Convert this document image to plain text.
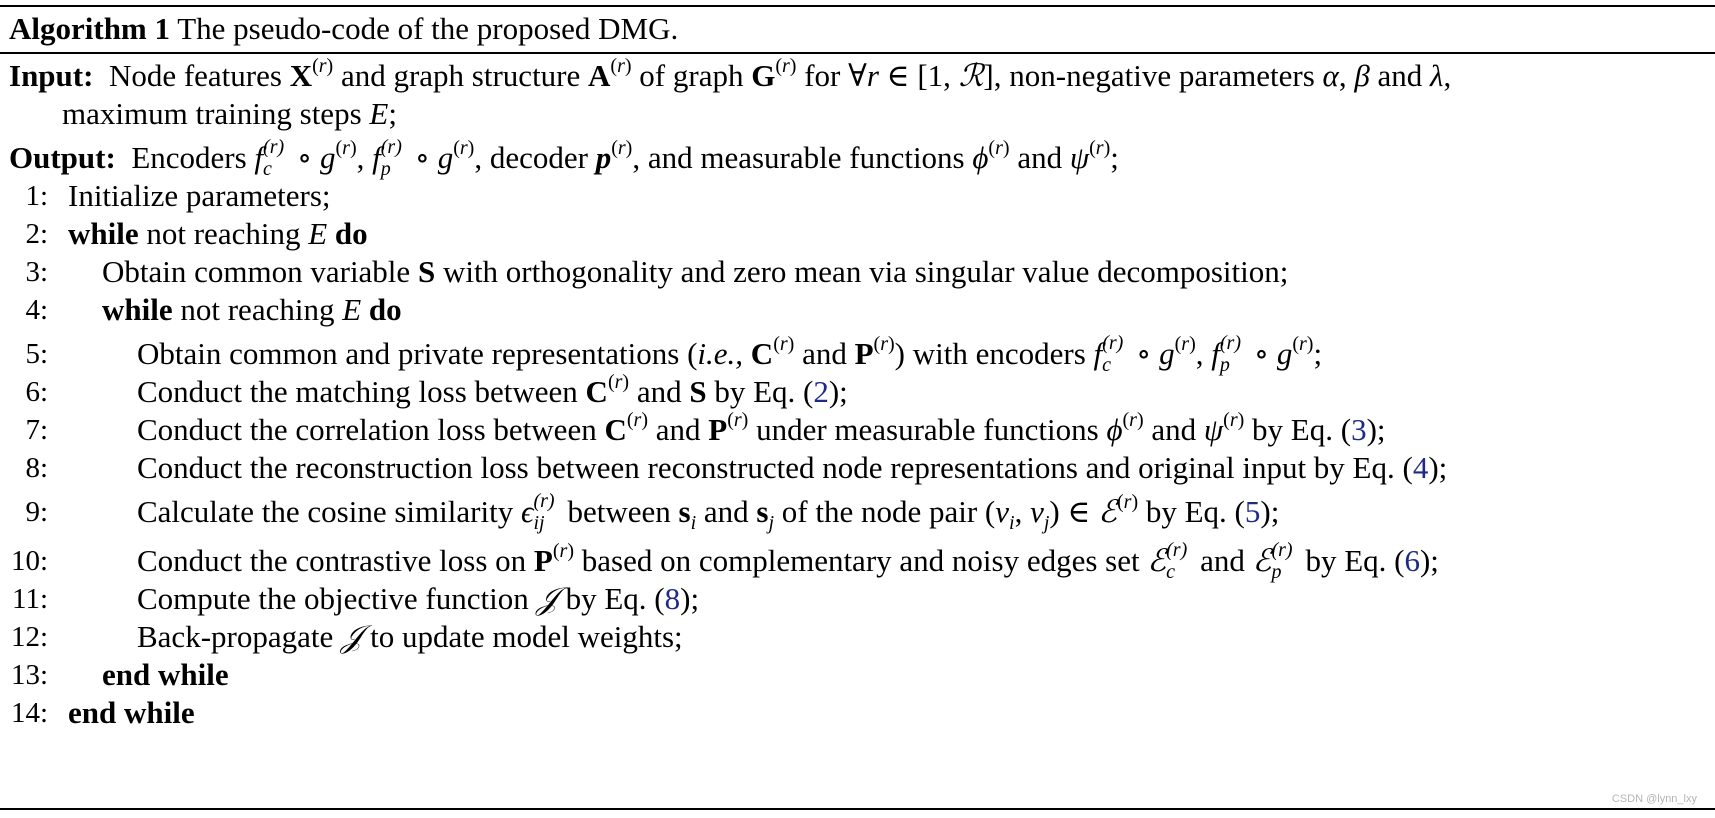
Algorithm 1 The pseudo-code of the proposed DMG.
Input:  Node features $X^{(r)}$ and graph structure $A^{(r)}$ of graph $G^{(r)}$ for ∀r ∈ [1, ℛ], non-negative parameters α, β and λ,
maximum training steps E;
Output:  Encoders f (r)
c ∘ $g^{(r)}$, f (r)
p ∘ $g^{(r)}$, decoder $p^{(r)}$, and measurable functions $\phi^{(r)}$ and $\psi^{(r)}$;
1: Initialize parameters;
2: while not reaching E do
3: Obtain common variable S with orthogonality and zero mean via singular value decomposition;
4: while not reaching E do
5:	Obtain common and private representations (i.e., $C^{(r)}$ and $P^{(r)}$) with encoders f (r)
c ∘ $g^{(r)}$, f (r)
p ∘ $g^{(r)}$;
6:	Conduct the matching loss between $C^{(r)}$ and S by Eq. (2);
7:	Conduct the correlation loss between $C^{(r)}$ and $P^{(r)}$ under measurable functions $\phi^{(r)}$ and $\psi^{(r)}$ by Eq. (3);
8:	Conduct the reconstruction loss between reconstructed node representations and original input by Eq. (4);
9:	Calculate the cosine similarity ϵ (r)
ij between $s_i$ and $s_j$ of the node pair ($v_i$, $v_j$) ∈ ℰ$^{(r)}$ by Eq. (5);
10:	Conduct the contrastive loss on $P^{(r)}$ based on complementary and noisy edges set ℰ (r)
c and ℰ (r)
p by Eq. (6);
11:	Compute the objective function 𝒥 by Eq. (8);
12:	Back-propagate 𝒥 to update model weights;
13: end while
14: end while
CSDN @lynn_lxy
